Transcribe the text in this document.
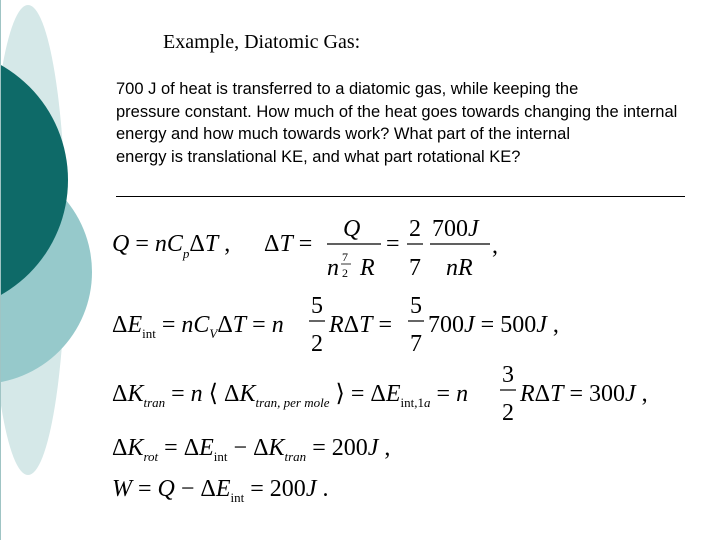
Example, Diatomic Gas:
700 J of heat is transferred to a diatomic gas, while keeping the
pressure constant. How much of the heat goes towards changing the internal
energy and how much towards work? What part of the internal
energy is translational KE, and what part rotational KE?
$Q = nC_p\Delta T$ , ΔT =
Q
n 7
2 R
=
2
7
700J
nR
,
$\Delta E_{int} = nC_V\Delta T = n$
5
2
RΔT =
5
7
700J = 500J ,
$\Delta K_{tran} = n$ ⟨ $\Delta K_{tran, per mole}$ ⟩ = $\Delta E_{int,1}a = n$
3
2
RΔT = 300J ,
$\Delta K_{rot} = \Delta E_{int} - \Delta K_{tran} = 200J$ ,
$W = Q - \Delta E_{int} = 200J$ .
